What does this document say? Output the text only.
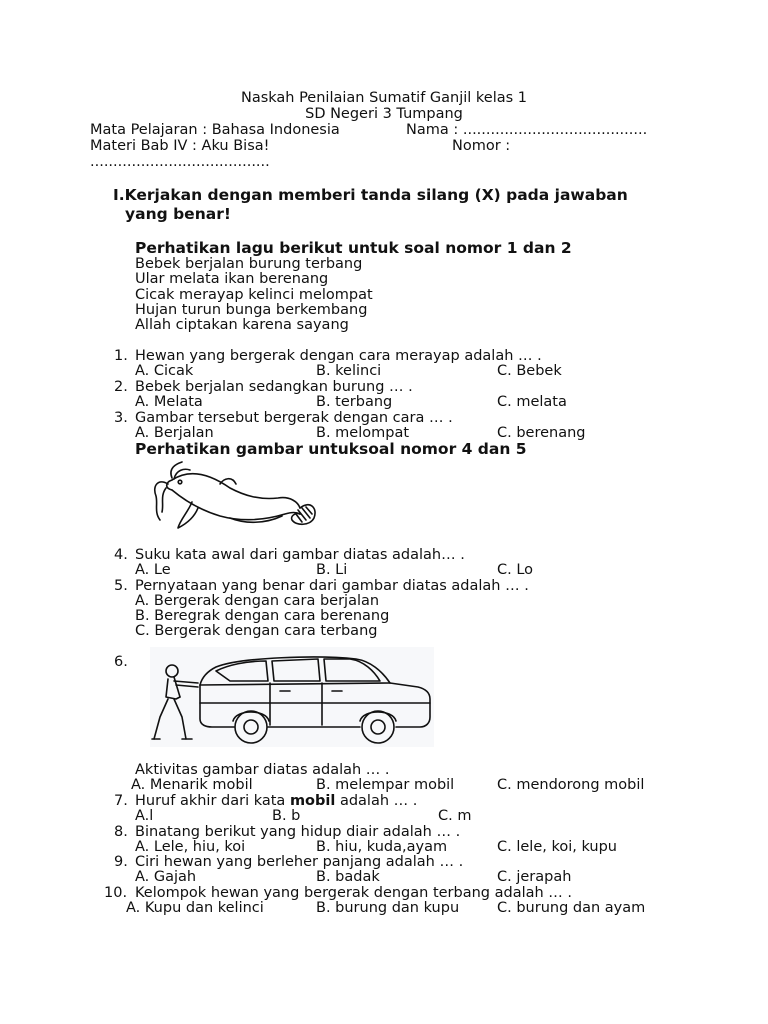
Naskah Penilaian Sumatif Ganjil kelas 1
SD Negeri 3 Tumpang
Mata Pelajaran : Bahasa Indonesia	Nama : ........................................
Materi Bab IV : Aku Bisa!	Nomor :
.......................................
I.Kerjakan dengan memberi tanda silang (X) pada jawaban
yang benar!
Perhatikan lagu berikut untuk soal nomor 1 dan 2
Bebek berjalan burung terbang
Ular melata ikan berenang
Cicak merayap kelinci melompat
Hujan turun bunga berkembang
Allah ciptakan karena sayang
1. Hewan yang bergerak dengan cara merayap adalah … .
A. Cicak	B. kelinci	C. Bebek
2. Bebek berjalan sedangkan burung … .
A. Melata	B. terbang	C. melata
3. Gambar tersebut bergerak dengan cara … .
A. Berjalan	B. melompat	C. berenang
Perhatikan gambar untuksoal nomor 4 dan 5
4. Suku kata awal dari gambar diatas adalah… .
A. Le	B. Li	C. Lo
5. Pernyataan yang benar dari gambar diatas adalah … .
A. Bergerak dengan cara berjalan
B. Beregrak dengan cara berenang
C. Bergerak dengan cara terbang
6.
Aktivitas gambar diatas adalah … .
A. Menarik mobil	B. melempar mobil	C. mendorong mobil
7. Huruf akhir dari kata mobil adalah … .
A.l	B. b	C. m
8. Binatang berikut yang hidup diair adalah … .
A. Lele, hiu, koi	B. hiu, kuda,ayam	C. lele, koi, kupu
9. Ciri hewan yang berleher panjang adalah … .
A. Gajah	B. badak	C. jerapah
10. Kelompok hewan yang bergerak dengan terbang adalah … .
A. Kupu dan kelinci	B. burung dan kupu	C. burung dan ayam
